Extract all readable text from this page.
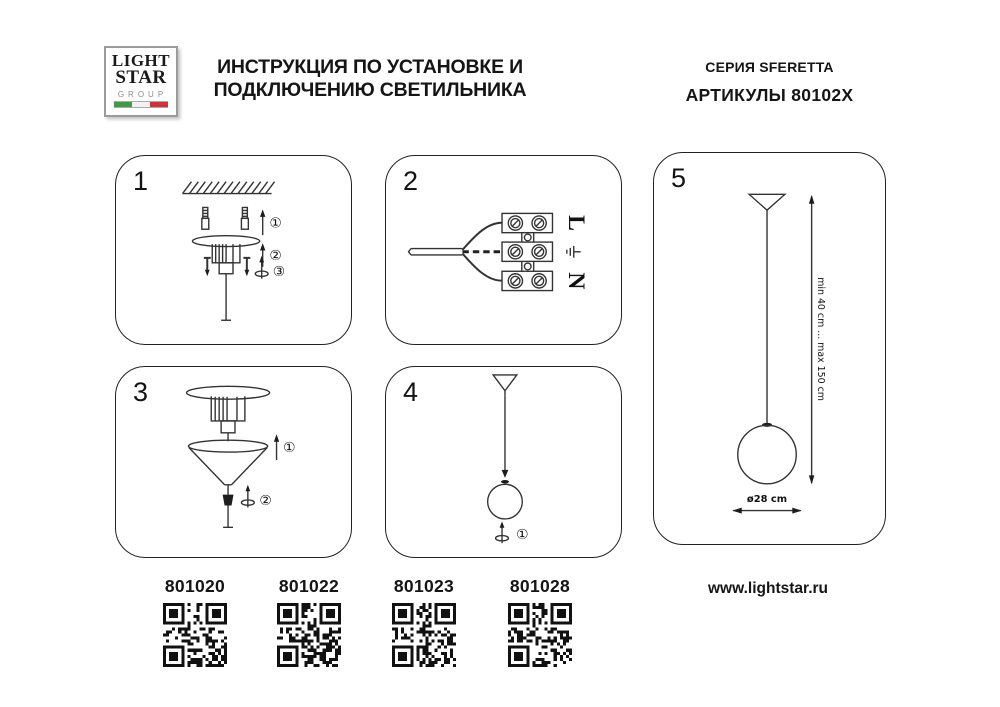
LIGHT
STAR
GROUP
ИНСТРУКЦИЯ ПО УСТАНОВКЕ И
ПОДКЛЮЧЕНИЮ СВЕТИЛЬНИКА
СЕРИЯ SFERETTA
АРТИКУЛЫ 80102X
1
①
②
③
2
L
N
3
①
②
4
①
5
min 40 cm ... max 150 cm
ø28 cm
801020	801022	801023	801028	www.lightstar.ru
